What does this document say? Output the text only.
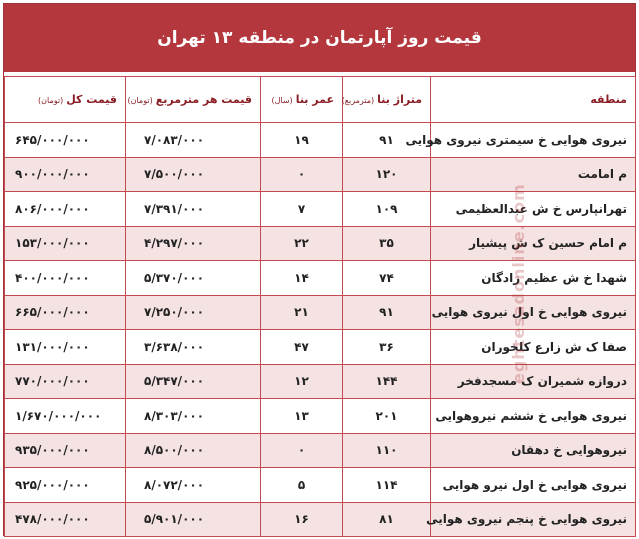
قیمت روز آپارتمان در منطقه ۱۳ تهران
منطقه	متراژ بنا(مترمربع)	عمر بنا(سال)	قیمت هر مترمربع(تومان)	قیمت کل(تومان)
نیروی هوایی خ سیمتری نیروی هوایی	۹۱	۱۹	۷/۰۸۳/۰۰۰	۶۴۵/۰۰۰/۰۰۰
م امامت	۱۲۰	۰	۷/۵۰۰/۰۰۰	۹۰۰/۰۰۰/۰۰۰
تهرانپارس خ ش عبدالعظیمی	۱۰۹	۷	۷/۳۹۱/۰۰۰	۸۰۶/۰۰۰/۰۰۰
م امام حسین ک ش پیشیار	۳۵	۲۲	۴/۲۹۷/۰۰۰	۱۵۳/۰۰۰/۰۰۰
شهدا خ ش عظیم زادگان	۷۴	۱۴	۵/۳۷۰/۰۰۰	۴۰۰/۰۰۰/۰۰۰
نیروی هوایی خ اول نیروی هوایی	۹۱	۲۱	۷/۲۵۰/۰۰۰	۶۶۵/۰۰۰/۰۰۰
صفا ک ش زارع کلخوران	۳۶	۴۷	۳/۶۳۸/۰۰۰	۱۳۱/۰۰۰/۰۰۰
دروازه شمیران ک مسجدفخر	۱۴۴	۱۲	۵/۳۴۷/۰۰۰	۷۷۰/۰۰۰/۰۰۰
نیروی هوایی خ ششم نیروهوایی	۲۰۱	۱۳	۸/۳۰۳/۰۰۰	۱/۶۷۰/۰۰۰/۰۰۰
نیروهوایی خ دهقان	۱۱۰	۰	۸/۵۰۰/۰۰۰	۹۳۵/۰۰۰/۰۰۰
نیروی هوایی خ اول نیرو هوایی	۱۱۴	۵	۸/۰۷۲/۰۰۰	۹۲۵/۰۰۰/۰۰۰
نیروی هوایی خ پنجم نیروی هوایی	۸۱	۱۶	۵/۹۰۱/۰۰۰	۴۷۸/۰۰۰/۰۰۰
eghtesadonline.com
